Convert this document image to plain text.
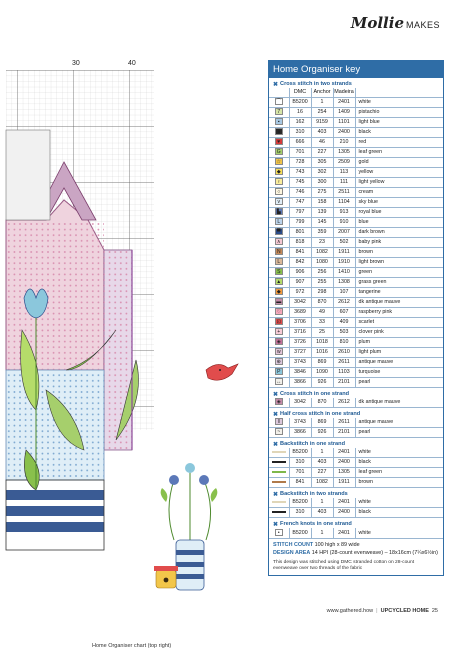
Mollie MAKES
30	40
Home Organiser chart (top right)
Home Organiser key
✖ Cross stitch in two strands
	DMC	Anchor	Madeira	
⌒	B5200	1	2401	white
7	16	254	1409	pistachio
▪	162	9159	1101	light blue
■	310	403	2400	black
♥	666	46	210	red
G	701	227	1305	leaf green
☆	728	305	2509	gold
◆	743	302	113	yellow
♀	745	300	111	light yellow
○	746	275	2511	cream
v	747	158	1104	sky blue
▙	797	139	913	royal blue
L	799	145	910	blue
▀	801	359	2007	dark brown
∧	818	23	502	baby pink
N	841	1082	1911	brown
L	842	1080	1910	light brown
S	906	256	1410	green
▲	907	255	1308	grass green
◆	972	298	107	tangerine
▬	3042	870	2612	dk antique mauve
♡	3689	49	607	raspberry pink
⊡	3706	33	409	scarlet
+	3716	25	503	clover pink
◈	3726	1018	810	plum
w	3727	1016	2610	light plum
⊕	3743	869	2611	antique mauve
P	3846	1090	1103	turquoise
↔	3866	926	2101	pearl
✖ Cross stitch in one strand
◈	3042	870	2612	dk antique mauve
✖ Half cross stitch in one strand
‖	3743	869	2611	antique mauve
~	3866	926	2101	pearl
✖ Backstitch in one strand
	B5200	1	2401	white
	310	403	2400	black
	701	227	1305	leaf green
	841	1082	1911	brown
✖ Backstitch in two strands
	B5200	1	2401	white
	310	403	2400	black
✖ French knots in one strand
•	B5200	1	2401	white

STITCH COUNT 100 high x 89 wide

DESIGN AREA 14 HPI (28-count evenweave) – 18x16cm (7¼x6½in)

This design was stitched using DMC stranded cotton on 28-count evenweave over two threads of the fabric

www.gathered.how | UPCYCLED HOME 25
